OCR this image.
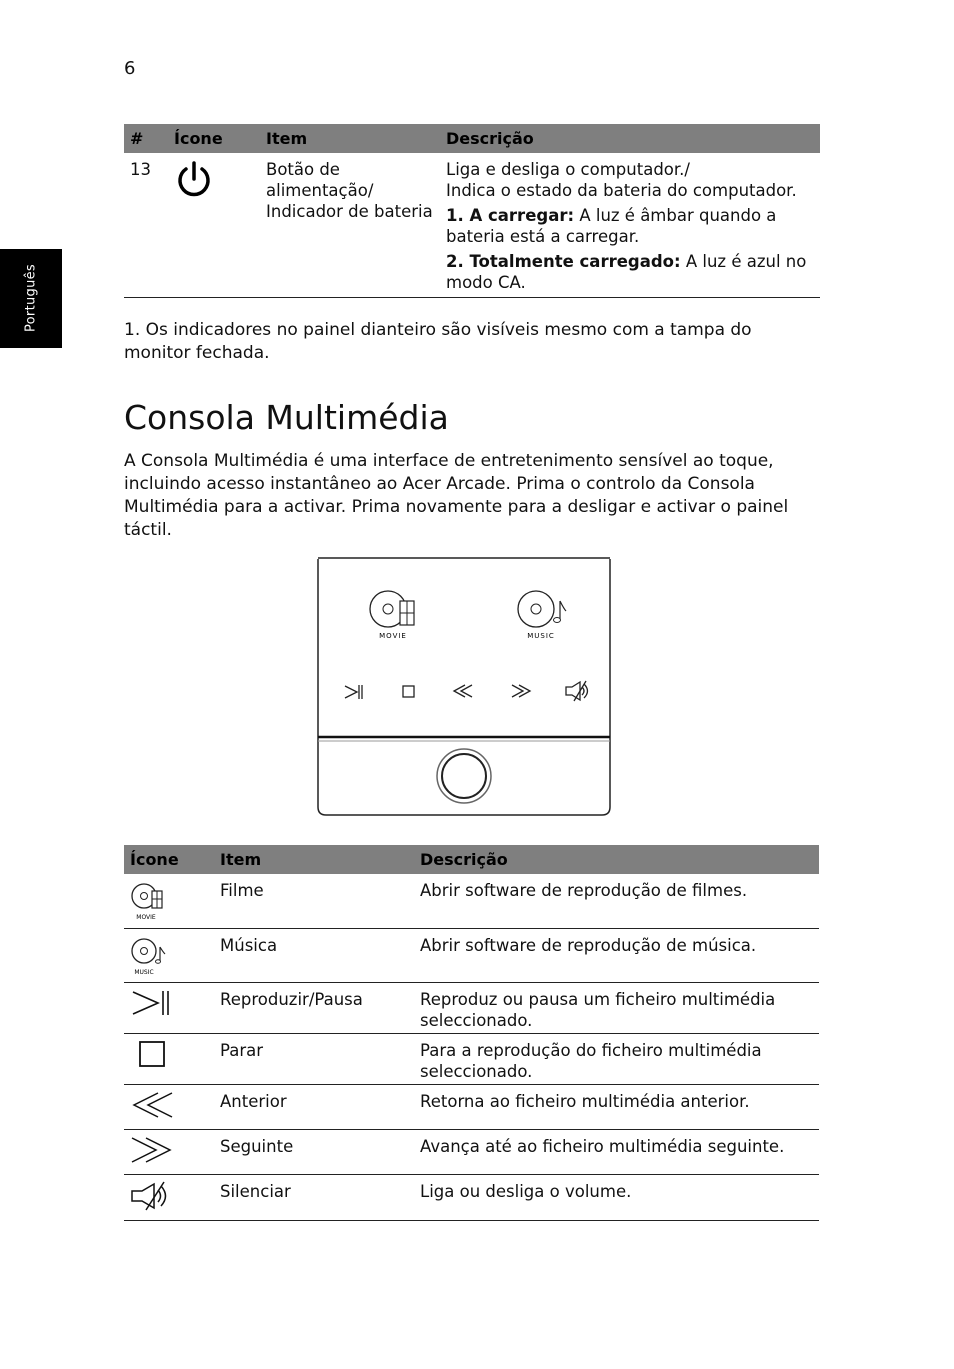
6
Português
#	Ícone	Item	Descrição
13		Botão de alimentação/ Indicador de bateria	Liga e desliga o computador./
Indica o estado da bateria do computador.

1. A carregar: A luz é âmbar quando a bateria está a carregar.

2. Totalmente carregado: A luz é azul no modo CA.

1. Os indicadores no painel dianteiro são visíveis mesmo com a tampa do monitor fechada.

Consola Multimédia

A Consola Multimédia é uma interface de entretenimento sensível ao toque, incluindo acesso instantâneo ao Acer Arcade. Prima o controlo da Consola Multimédia para a activar. Prima novamente para a desligar e activar o painel táctil.

MOVIE	MUSIC
Ícone	Item	Descrição

MOVIE	Filme	Abrir software de reprodução de filmes.

MUSIC	Música	Abrir software de reprodução de música.

	Reproduzir/Pausa	Reproduz ou pausa um ficheiro multimédia seleccionado.

	Parar	Para a reprodução do ficheiro multimédia seleccionado.

	Anterior	Retorna ao ficheiro multimédia anterior.

	Seguinte	Avança até ao ficheiro multimédia seguinte.

	Silenciar	Liga ou desliga o volume.
